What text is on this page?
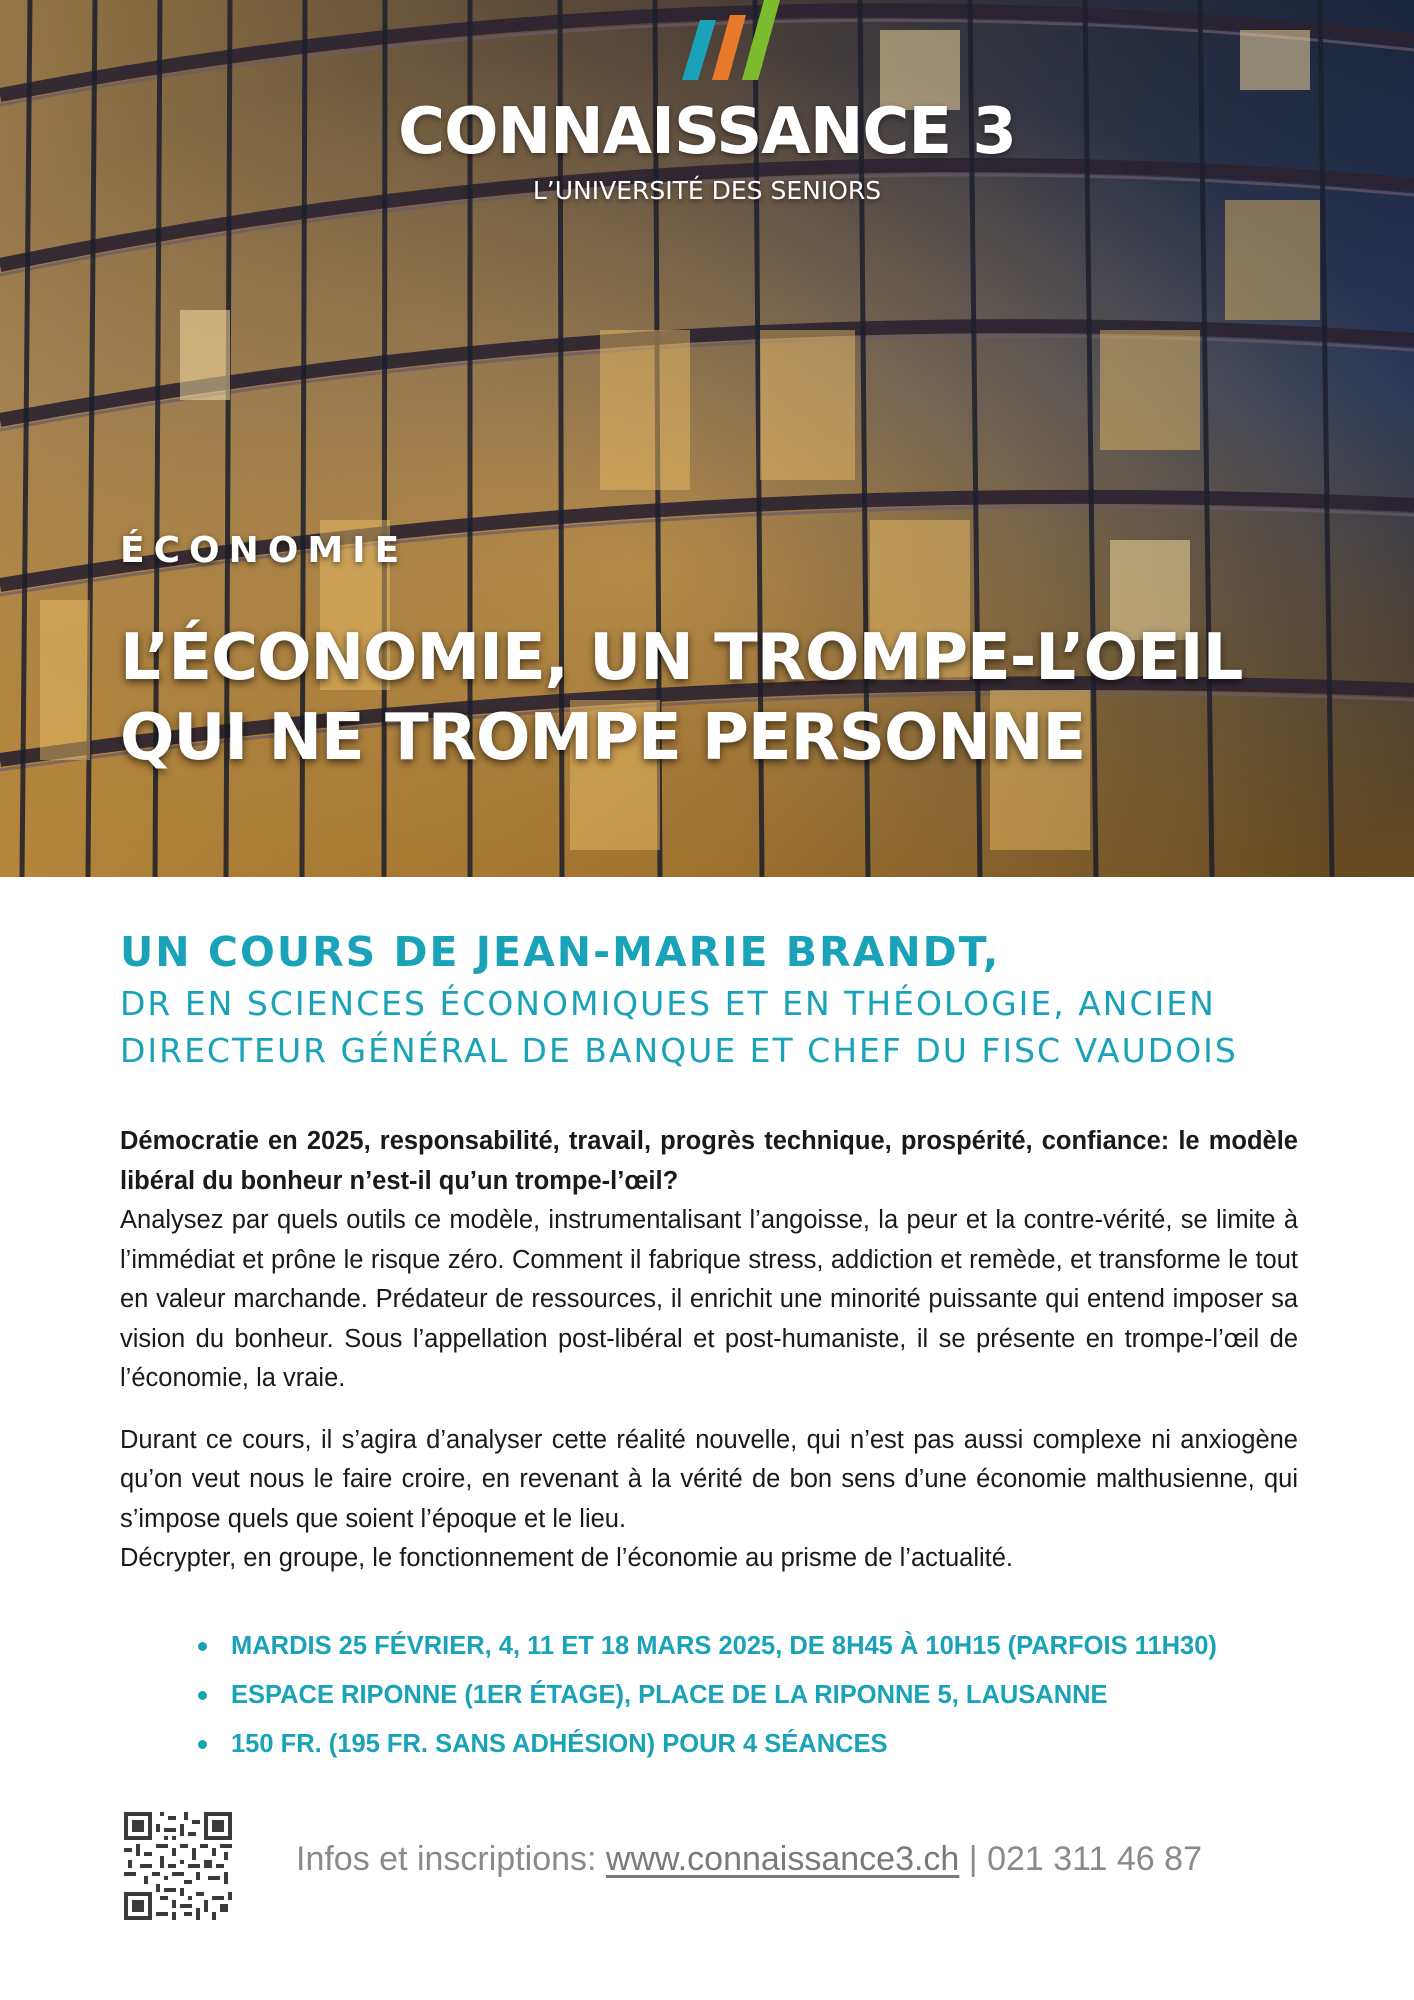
CONNAISSANCE 3
L’UNIVERSITÉ DES SENIORS
ÉCONOMIE
L’ÉCONOMIE, UN TROMPE-L’OEIL
QUI NE TROMPE PERSONNE
UN COURS DE JEAN-MARIE BRANDT,
DR EN SCIENCES ÉCONOMIQUES ET EN THÉOLOGIE, ANCIEN
DIRECTEUR GÉNÉRAL DE BANQUE ET CHEF DU FISC VAUDOIS

Démocratie en 2025, responsabilité, travail, progrès technique, prospérité, confiance: le modèle libéral du bonheur n’est-il qu’un trompe-l’œil?

Analysez par quels outils ce modèle, instrumentalisant l’angoisse, la peur et la contre-vérité, se limite à l’immédiat et prône le risque zéro. Comment il fabrique stress, addiction et remède, et transforme le tout en valeur marchande. Prédateur de ressources, il enrichit une minorité puissante qui entend imposer sa vision du bonheur. Sous l’appellation post-libéral et post-humaniste, il se présente en trompe-l’œil de l’économie, la vraie.

Durant ce cours, il s’agira d’analyser cette réalité nouvelle, qui n’est pas aussi complexe ni anxiogène qu’on veut nous le faire croire, en revenant à la vérité de bon sens d’une économie malthusienne, qui s’impose quels que soient l’époque et le lieu.

Décrypter, en groupe, le fonctionnement de l’économie au prisme de l’actualité.

MARDIS 25 FÉVRIER, 4, 11 ET 18 MARS 2025, DE 8H45 À 10H15 (PARFOIS 11H30)
ESPACE RIPONNE (1ER ÉTAGE), PLACE DE LA RIPONNE 5, LAUSANNE
150 FR. (195 FR. SANS ADHÉSION) POUR 4 SÉANCES
Infos et inscriptions: www.connaissance3.ch | 021 311 46 87
